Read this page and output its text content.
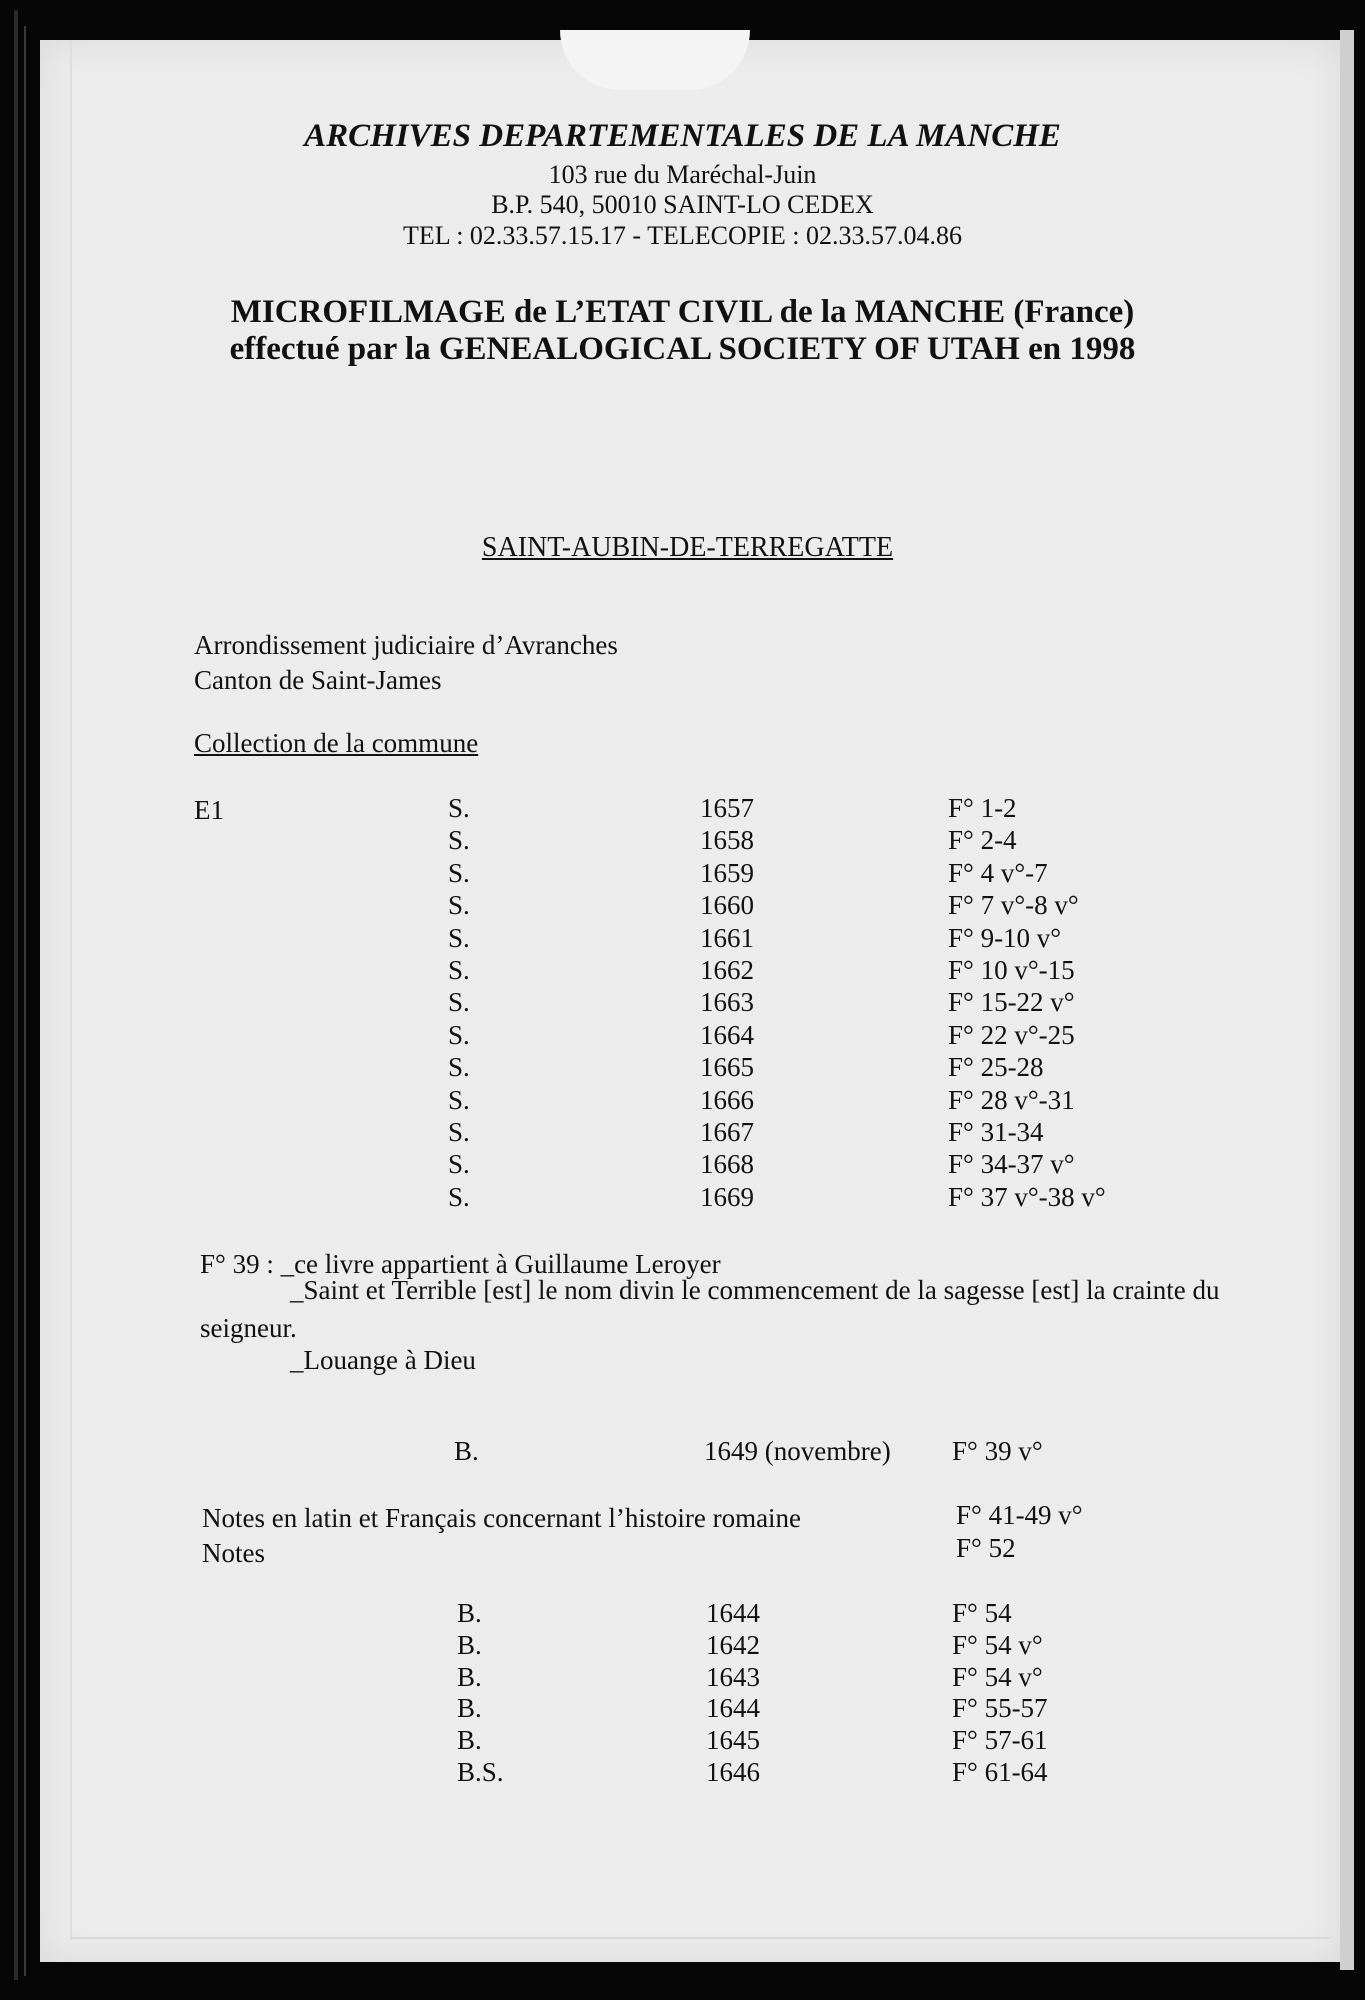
ARCHIVES DEPARTEMENTALES DE LA MANCHE
103 rue du Maréchal-Juin
B.P. 540, 50010 SAINT-LO CEDEX
TEL : 02.33.57.15.17 - TELECOPIE : 02.33.57.04.86
MICROFILMAGE de L’ETAT CIVIL de la MANCHE (France)
effectué par la GENEALOGICAL SOCIETY OF UTAH en 1998
SAINT-AUBIN-DE-TERREGATTE
Arrondissement judiciaire d’Avranches
Canton de Saint-James
Collection de la commune
E1	S.	1657	F° 1-2
S.	1658	F° 2-4
S.	1659	F° 4 v°-7
S.	1660	F° 7 v°-8 v°
S.	1661	F° 9-10 v°
S.	1662	F° 10 v°-15
S.	1663	F° 15-22 v°
S.	1664	F° 22 v°-25
S.	1665	F° 25-28
S.	1666	F° 28 v°-31
S.	1667	F° 31-34
S.	1668	F° 34-37 v°
S.	1669	F° 37 v°-38 v°
F° 39 : _ce livre appartient à Guillaume Leroyer
_Saint et Terrible [est] le nom divin le commencement de la sagesse [est] la crainte du
seigneur.
_Louange à Dieu
B.	1649 (novembre) F° 39 v°
Notes en latin et Français concernant l’histoire romaine	F° 41-49 v°
Notes	F° 52
B.	1644	F° 54
B.	1642	F° 54 v°
B.	1643	F° 54 v°
B.	1644	F° 55-57
B.	1645	F° 57-61
B.S.	1646	F° 61-64
